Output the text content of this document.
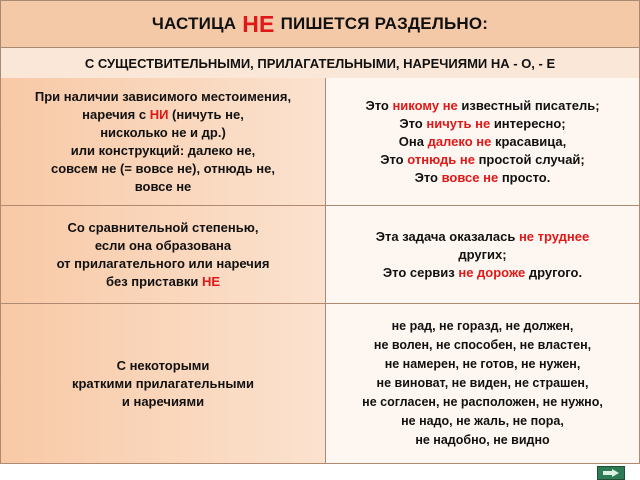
ЧАСТИЦА НЕ ПИШЕТСЯ РАЗДЕЛЬНО:
С СУЩЕСТВИТЕЛЬНЫМИ, ПРИЛАГАТЕЛЬНЫМИ, НАРЕЧИЯМИ НА - О, - Е

При наличии зависимого местоимения,
наречия с НИ (ничуть не,
нисколько не и др.)
или конструкций: далеко не,
совсем не (= вовсе не), отнюдь не,
вовсе не

Это никому не известный писатель;
Это ничуть не интересно;
Она далеко не красавица,
Это отнюдь не простой случай;
Это вовсе не просто.

Со сравнительной степенью,
если она образована
от прилагательного или наречия
без приставки НЕ

Эта задача оказалась не труднее
других;
Это сервиз не дороже другого.

С некоторыми
краткими прилагательными
и наречиями

не рад, не горазд, не должен,
не волен, не способен, не властен,
не намерен, не готов, не нужен,
не виноват, не виден, не страшен,
не согласен, не расположен, не нужно,
не надо, не жаль, не пора,
не надобно, не видно
